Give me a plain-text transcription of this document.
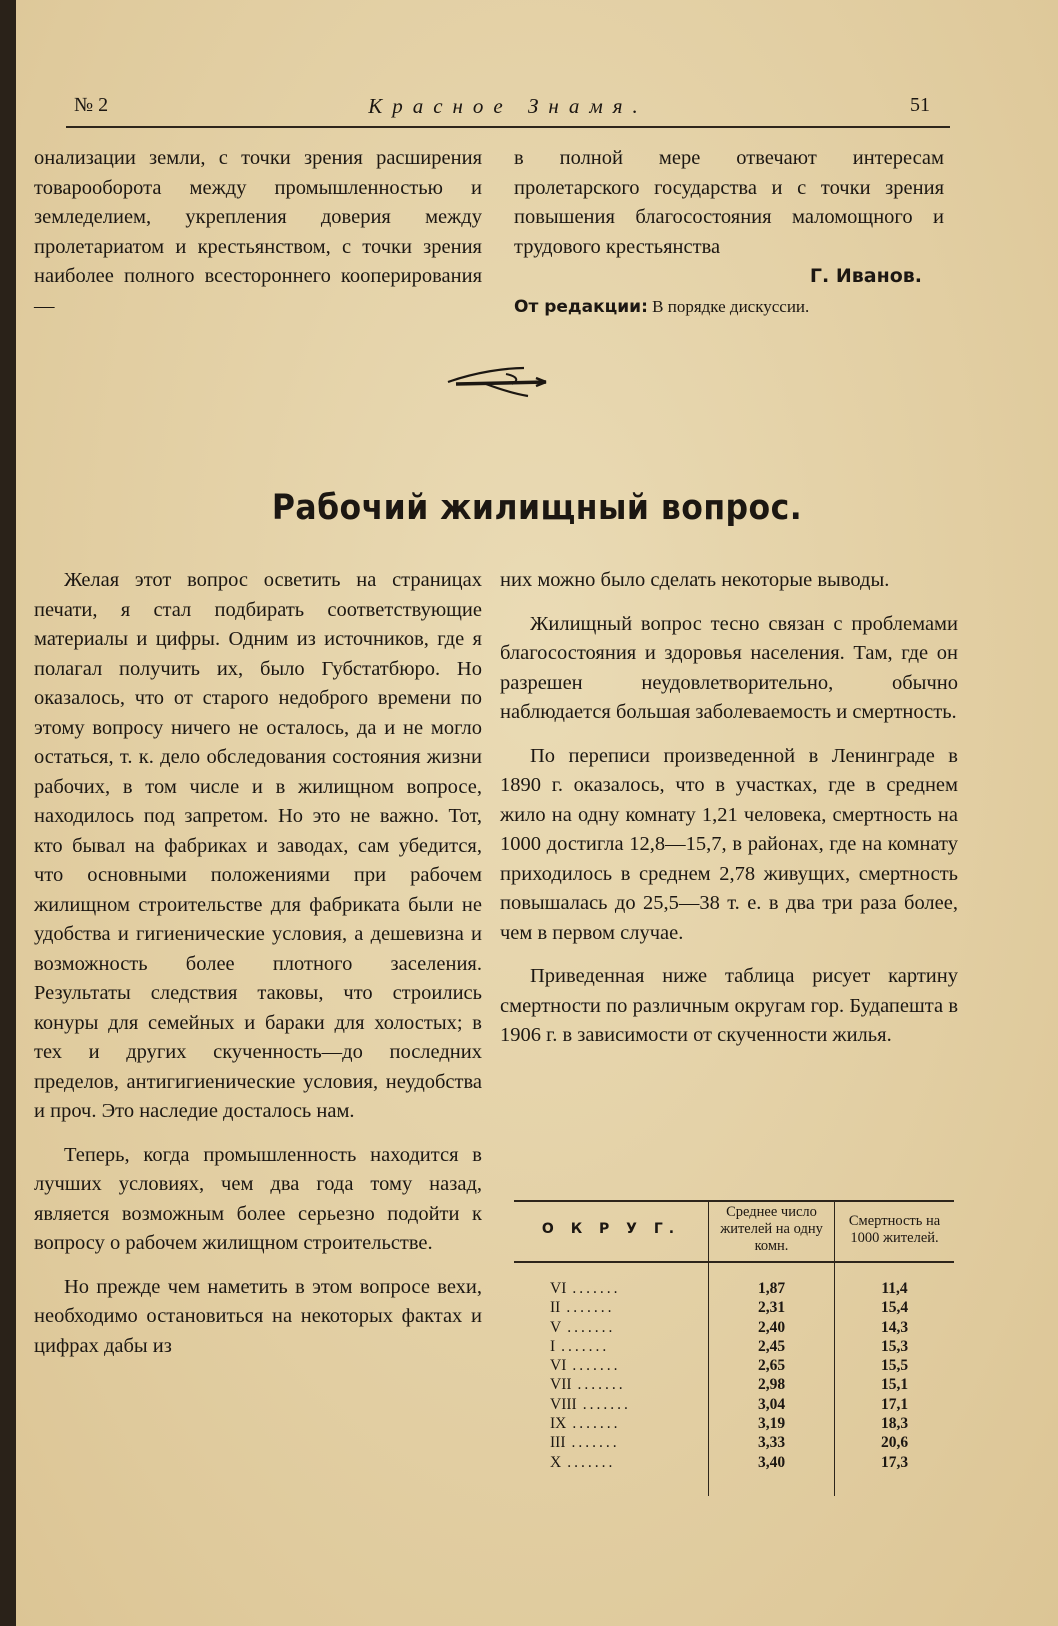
№ 2	Красное Знамя.	51

онализации земли, с точки зрения расширения товарооборота между промышленностью и земледелием, укрепления доверия между пролетариатом и крестьянством, с точки зрения наиболее полного всестороннего кооперирования—

в полной мере отвечают интересам пролетарского государства и с точки зрения повышения благосостояния маломощного и трудового крестьянства

Г. Иванов.

От редакции: В порядке дискуссии.

Рабочий жилищный вопрос.

Желая этот вопрос осветить на страницах печати, я стал подбирать соответствующие материалы и цифры. Одним из источников, где я полагал получить их, было Губстатбюро. Но оказалось, что от старого недоброго времени по этому вопросу ничего не осталось, да и не могло остаться, т. к. дело обследования состояния жизни рабочих, в том числе и в жилищном вопросе, находилось под запретом. Но это не важно. Тот, кто бывал на фабриках и заводах, сам убедится, что основными положениями при рабочем жилищном строительстве для фабриката были не удобства и гигиенические условия, а дешевизна и возможность более плотного заселения. Результаты следствия таковы, что строились конуры для семейных и бараки для холостых; в тех и других скученность—до последних пределов, антигигиенические условия, неудобства и проч. Это наследие досталось нам.

Теперь, когда промышленность находится в лучших условиях, чем два года тому назад, является возможным более серьезно подойти к вопросу о рабочем жилищном строительстве.

Но прежде чем наметить в этом вопросе вехи, необходимо остановиться на некоторых фактах и цифрах дабы из

них можно было сделать некоторые выводы.

Жилищный вопрос тесно связан с проблемами благосостояния и здоровья населения. Там, где он разрешен неудовлетворительно, обычно наблюдается большая заболеваемость и смертность.

По переписи произведенной в Ленинграде в 1890 г. оказалось, что в участках, где в среднем жило на одну комнату 1,21 человека, смертность на 1000 достигла 12,8—15,7, в районах, где на комнату приходилось в среднем 2,78 живущих, смертность повышалась до 25,5—38 т. е. в два три раза более, чем в первом случае.

Приведенная ниже таблица рисует картину смертности по различным округам гор. Будапешта в 1906 г. в зависимости от скученности жилья.

О К Р У Г.	Среднее число жителей на одну комн.	Смертность на 1000 жителей.
VI .......	1,87	11,4
II .......	2,31	15,4
V .......	2,40	14,3
I .......	2,45	15,3
VI .......	2,65	15,5
VII .......	2,98	15,1
VIII .......	3,04	17,1
IX .......	3,19	18,3
III .......	3,33	20,6
X .......	3,40	17,3
